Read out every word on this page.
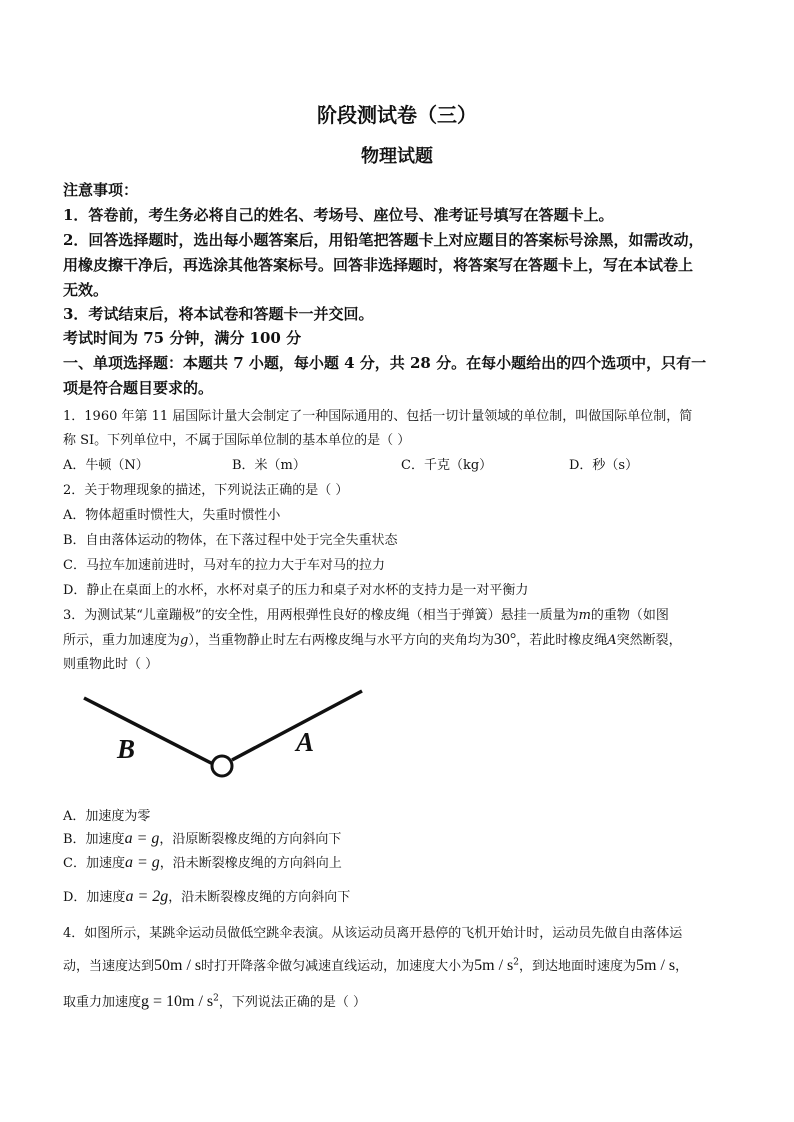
阶段测试卷（三）
物理试题
注意事项：
1．答卷前，考生务必将自己的姓名、考场号、座位号、准考证号填写在答题卡上。
2．回答选择题时，选出每小题答案后，用铅笔把答题卡上对应题目的答案标号涂黑，如需改动，
用橡皮擦干净后，再选涂其他答案标号。回答非选择题时，将答案写在答题卡上，写在本试卷上
无效。
3．考试结束后，将本试卷和答题卡一并交回。
考试时间为 75 分钟，满分 100 分
一、单项选择题：本题共 7 小题，每小题 4 分，共 28 分。在每小题给出的四个选项中，只有一
项是符合题目要求的。
1．1960 年第 11 届国际计量大会制定了一种国际通用的、包括一切计量领域的单位制，叫做国际单位制，简
称 SI。下列单位中，不属于国际单位制的基本单位的是（ ）
A．牛顿（N）	B．米（m）	C．千克（kg）	D．秒（s）
2．关于物理现象的描述，下列说法正确的是（ ）
A．物体超重时惯性大，失重时惯性小
B．自由落体运动的物体，在下落过程中处于完全失重状态
C．马拉车加速前进时，马对车的拉力大于车对马的拉力
D．静止在桌面上的水杯，水杯对桌子的压力和桌子对水杯的支持力是一对平衡力
3．为测试某“儿童蹦极”的安全性，用两根弹性良好的橡皮绳（相当于弹簧）悬挂一质量为m的重物（如图
所示，重力加速度为g），当重物静止时左右两橡皮绳与水平方向的夹角均为30°，若此时橡皮绳A突然断裂，
则重物此时（ ）
B	A
A．加速度为零
B．加速度a = g，沿原断裂橡皮绳的方向斜向下
C．加速度a = g，沿未断裂橡皮绳的方向斜向上
D．加速度a = 2g，沿未断裂橡皮绳的方向斜向下
4．如图所示，某跳伞运动员做低空跳伞表演。从该运动员离开悬停的飞机开始计时，运动员先做自由落体运
动，当速度达到50m / s时打开降落伞做匀减速直线运动，加速度大小为$5m / s^2$，到达地面时速度为5m / s，
取重力加速度$g = 10m / s^2$，下列说法正确的是（ ）
